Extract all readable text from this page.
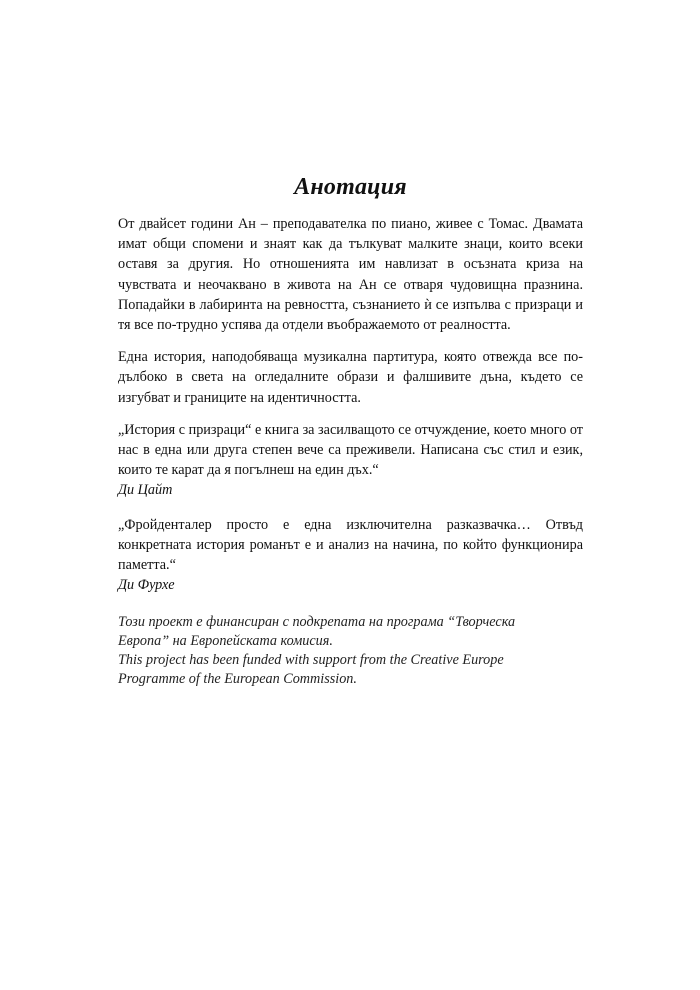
Анотация

От двайсет години Ан – преподавателка по пиано, живее с Томас. Двамата имат общи спомени и знаят как да тълкуват малките знаци, които всеки оставя за другия. Но отношенията им навлизат в осъзната криза на чувствата и неочаквано в живота на Ан се отваря чудовищна празнина. Попадайки в лабиринта на ревността, съзнанието ѝ се изпълва с призраци и тя все по-трудно успява да отдели въображаемото от реалността.

Една история, наподобяваща музикална партитура, която отвежда все по-дълбоко в света на огледалните образи и фалшивите дъна, където се изгубват и границите на идентичността.

„История с призраци“ е книга за засилващото се отчуждение, което много от нас в една или друга степен вече са преживели. Написана със стил и език, които те карат да я погълнеш на един дъх.“

Ди Цайт

„Фройденталер просто е една изключителна разказвачка… Отвъд конкретната история романът е и анализ на начина, по който функционира паметта.“

Ди Фурхе

Този проект е финансиран с подкрепата на програма “Творческа

Европа” на Европейската комисия.

This project has been funded with support from the Creative Europe

Programme of the European Commission.
